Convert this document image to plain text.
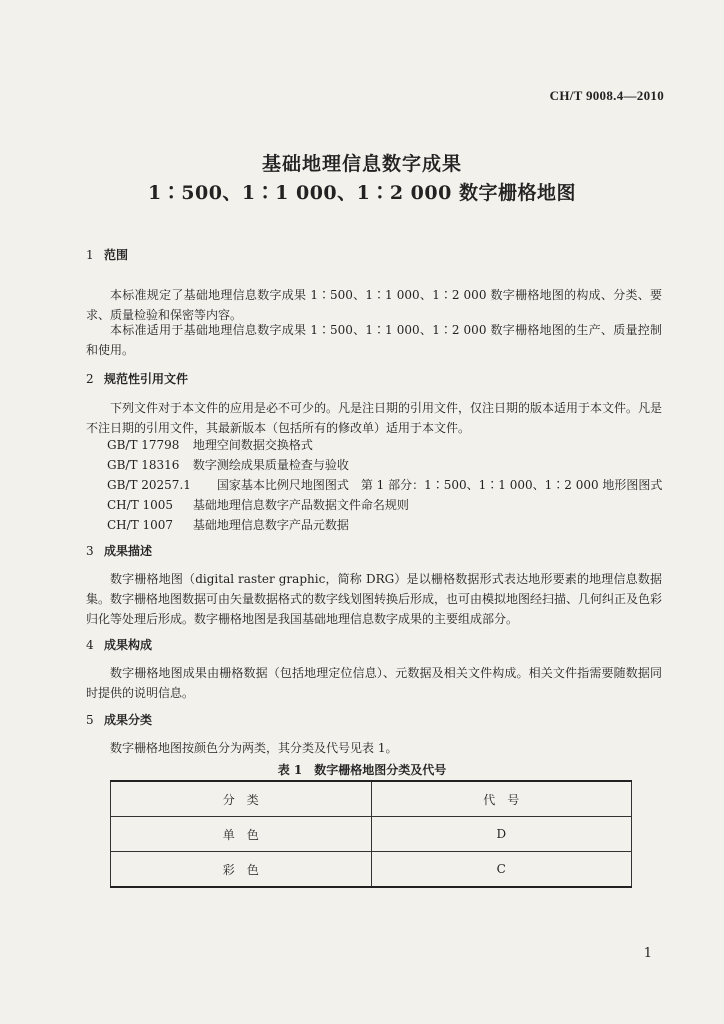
CH/T 9008.4—2010
基础地理信息数字成果
1∶500、1∶1 000、1∶2 000 数字栅格地图
1 范围
本标准规定了基础地理信息数字成果 1∶500、1∶1 000、1∶2 000 数字栅格地图的构成、分类、要求、质量检验和保密等内容。
本标准适用于基础地理信息数字成果 1∶500、1∶1 000、1∶2 000 数字栅格地图的生产、质量控制和使用。
2 规范性引用文件
下列文件对于本文件的应用是必不可少的。凡是注日期的引用文件，仅注日期的版本适用于本文件。凡是不注日期的引用文件，其最新版本（包括所有的修改单）适用于本文件。
GB/T 17798 地理空间数据交换格式
GB/T 18316 数字测绘成果质量检查与验收
GB/T 20257.1 国家基本比例尺地图图式　第 1 部分：1∶500、1∶1 000、1∶2 000 地形图图式
CH/T 1005 基础地理信息数字产品数据文件命名规则
CH/T 1007 基础地理信息数字产品元数据
3 成果描述
数字栅格地图（digital raster graphic，简称 DRG）是以栅格数据形式表达地形要素的地理信息数据集。数字栅格地图数据可由矢量数据格式的数字线划图转换后形成，也可由模拟地图经扫描、几何纠正及色彩归化等处理后形成。数字栅格地图是我国基础地理信息数字成果的主要组成部分。
4 成果构成
数字栅格地图成果由栅格数据（包括地理定位信息）、元数据及相关文件构成。相关文件指需要随数据同时提供的说明信息。
5 成果分类
数字栅格地图按颜色分为两类，其分类及代号见表 1。
表 1　数字栅格地图分类及代号
分　类	代　号
单　色	D
彩　色	C
1
